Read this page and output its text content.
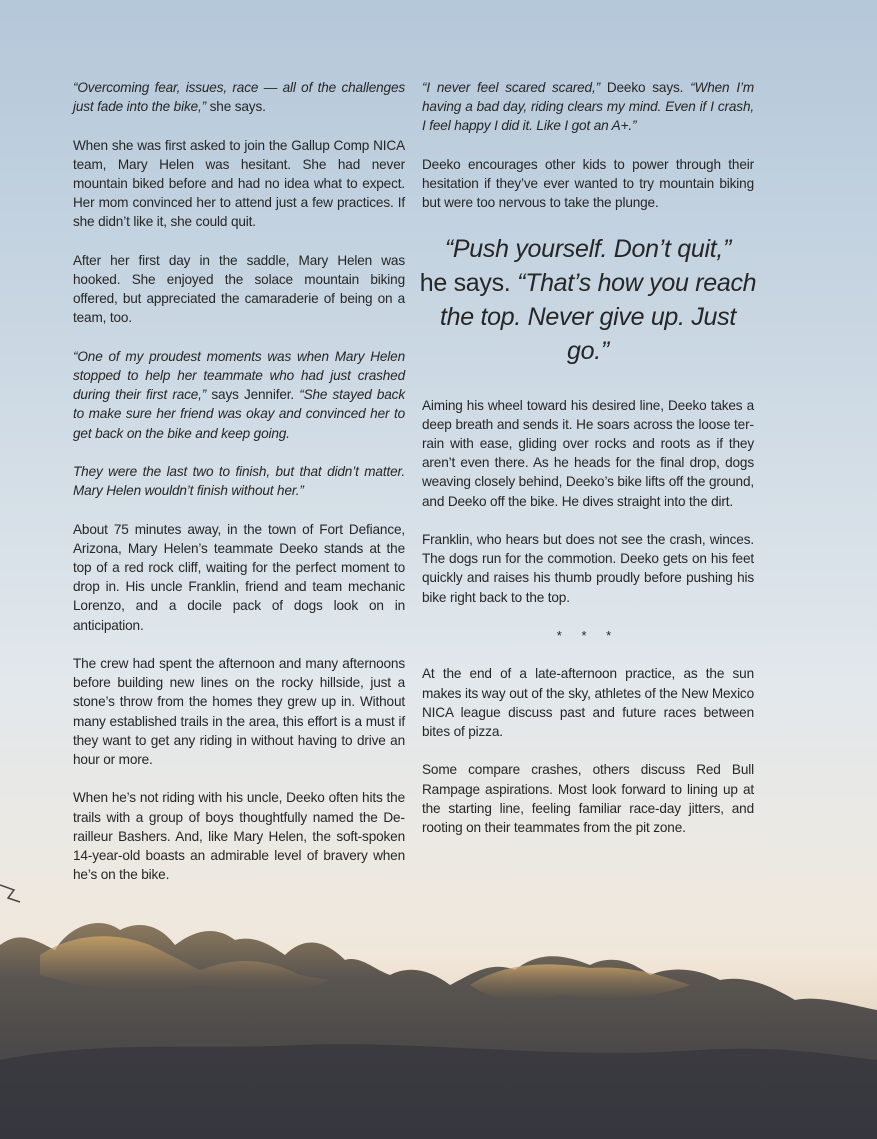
“Overcoming fear, issues, race — all of the challenges just fade into the bike,” she says.

When she was first asked to join the Gallup Comp NICA team, Mary Helen was hesitant. She had never mountain biked before and had no idea what to expect. Her mom convinced her to attend just a few practices. If she didn’t like it, she could quit.

After her first day in the saddle, Mary Helen was hooked. She enjoyed the solace mountain biking offered, but appreciated the camaraderie of being on a team, too.

“One of my proudest moments was when Mary Helen stopped to help her teammate who had just crashed during their first race,” says Jennifer. “She stayed back to make sure her friend was okay and convinced her to get back on the bike and keep going.

They were the last two to finish, but that didn’t matter. Mary Helen wouldn’t finish without her.”

About 75 minutes away, in the town of Fort Defiance, Arizona, Mary Helen’s teammate Deeko stands at the top of a red rock cliff, waiting for the perfect moment to drop in. His uncle Franklin, friend and team mechanic Lorenzo, and a docile pack of dogs look on in anticipation.

The crew had spent the afternoon and many afternoons before building new lines on the rocky hillside, just a stone’s throw from the homes they grew up in. Without many established trails in the area, this effort is a must if they want to get any riding in without having to drive an hour or more.

When he’s not riding with his uncle, Deeko often hits the trails with a group of boys thoughtfully named the Derailleur Bashers. And, like Mary Helen, the soft-spoken 14-year-old boasts an admirable level of bravery when he’s on the bike.

“I never feel scared scared,” Deeko says. “When I’m having a bad day, riding clears my mind. Even if I crash, I feel happy I did it. Like I got an A+.”

Deeko encourages other kids to power through their hesitation if they’ve ever wanted to try mountain biking but were too nervous to take the plunge.

“Push yourself. Don’t quit,”
he says. “That’s how you reach the top. Never give up. Just go.”

Aiming his wheel toward his desired line, Deeko takes a deep breath and sends it. He soars across the loose terrain with ease, gliding over rocks and roots as if they aren’t even there. As he heads for the final drop, dogs weaving closely behind, Deeko’s bike lifts off the ground, and Deeko off the bike. He dives straight into the dirt.

Franklin, who hears but does not see the crash, winces. The dogs run for the commotion. Deeko gets on his feet quickly and raises his thumb proudly before pushing his bike right back to the top.

* * *

At the end of a late-afternoon practice, as the sun makes its way out of the sky, athletes of the New Mexico NICA league discuss past and future races between bites of pizza.

Some compare crashes, others discuss Red Bull Rampage aspirations. Most look forward to lining up at the starting line, feeling familiar race-day jitters, and rooting on their teammates from the pit zone.
